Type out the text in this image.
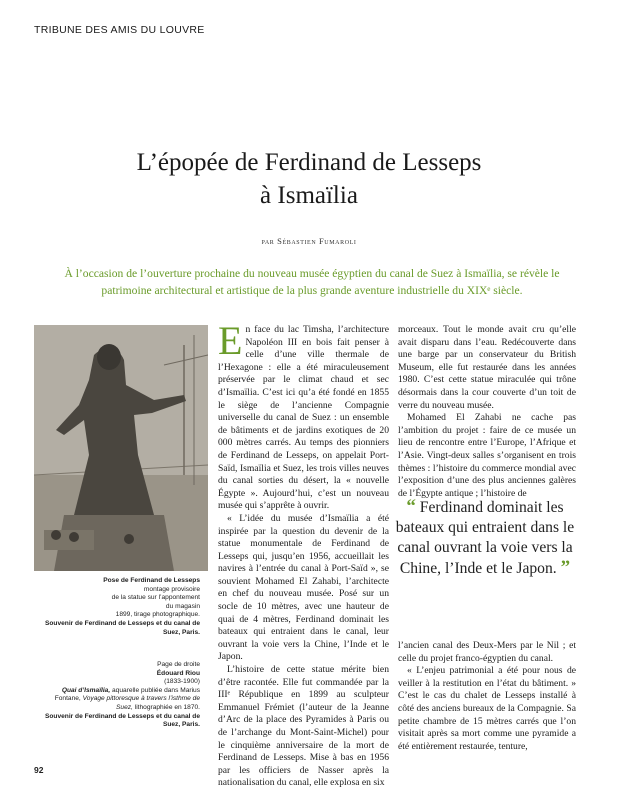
TRIBUNE DES AMIS DU LOUVRE
L’épopée de Ferdinand de Lesseps
à Ismaïlia
par Sébastien Fumaroli
À l’occasion de l’ouverture prochaine du nouveau musée égyptien du canal de Suez à Ismaïlia, se révèle le patrimoine architectural et artistique de la plus grande aventure industrielle du XIXᵉ siècle.
Pose de Ferdinand de Lesseps
montage provisoire
de la statue sur l’appontement
du magasin
1899, tirage photographique.
Souvenir de Ferdinand de Lesseps et du canal de Suez, Paris.
Page de droite
Édouard Riou
(1833-1900)
Quai d’Ismaïlia, aquarelle publiée dans Marius Fontane, Voyage pittoresque à travers l’isthme de Suez, lithographiée en 1870.
Souvenir de Ferdinand de Lesseps et du canal de Suez, Paris.

En face du lac Timsha, l’architecture Napoléon III en bois fait penser à celle d’une ville thermale de l’Hexagone : elle a été miraculeusement préservée par le climat chaud et sec d’Ismaïlia. C’est ici qu’a été fondé en 1855 le siège de l’ancienne Compagnie universelle du canal de Suez : un ensemble de bâtiments et de jardins exotiques de 20 000 mètres carrés. Au temps des pionniers de Ferdinand de Lesseps, on appelait Port-Saïd, Ismaïlia et Suez, les trois villes neuves du canal sorties du désert, la « nouvelle Égypte ». Aujourd’hui, c’est un nouveau musée qui s’apprête à ouvrir.

« L’idée du musée d’Ismaïlia a été inspirée par la question du devenir de la statue monumentale de Ferdinand de Lesseps qui, jusqu’en 1956, accueillait les navires à l’entrée du canal à Port-Saïd », se souvient Mohamed El Zahabi, l’architecte en chef du nouveau musée. Posé sur un socle de 10 mètres, avec une hauteur de quai de 4 mètres, Ferdinand dominait les bateaux qui entraient dans le canal, leur ouvrant la voie vers la Chine, l’Inde et le Japon.

L’histoire de cette statue mérite bien d’être racontée. Elle fut commandée par la IIIᵉ République en 1899 au sculpteur Emmanuel Frémiet (l’auteur de la Jeanne d’Arc de la place des Pyramides à Paris ou de l’archange du Mont-Saint-Michel) pour le cinquième anniversaire de la mort de Ferdinand de Lesseps. Mise à bas en 1956 par les officiers de Nasser après la nationalisation du canal, elle explosa en six

morceaux. Tout le monde avait cru qu’elle avait disparu dans l’eau. Redécouverte dans une barge par un conservateur du British Museum, elle fut restaurée dans les années 1980. C’est cette statue miraculée qui trône désormais dans la cour couverte d’un toit de verre du nouveau musée.

Mohamed El Zahabi ne cache pas l’ambition du projet : faire de ce musée un lieu de rencontre entre l’Europe, l’Afrique et l’Asie. Vingt-deux salles s’organisent en trois thèmes : l’histoire du commerce mondial avec l’exposition d’une des plus anciennes galères de l’Égypte antique ; l’histoire de

“ Ferdinand dominait les bateaux qui entraient dans le canal ouvrant la voie vers la Chine, l’Inde et le Japon. ”

l’ancien canal des Deux-Mers par le Nil ; et celle du projet franco-égyptien du canal.

« L’enjeu patrimonial a été pour nous de veiller à la restitution en l’état du bâtiment. » C’est le cas du chalet de Lesseps installé à côté des anciens bureaux de la Compagnie. Sa petite chambre de 15 mètres carrés que l’on visitait après sa mort comme une pyramide a été entièrement restaurée, tenture,

92
